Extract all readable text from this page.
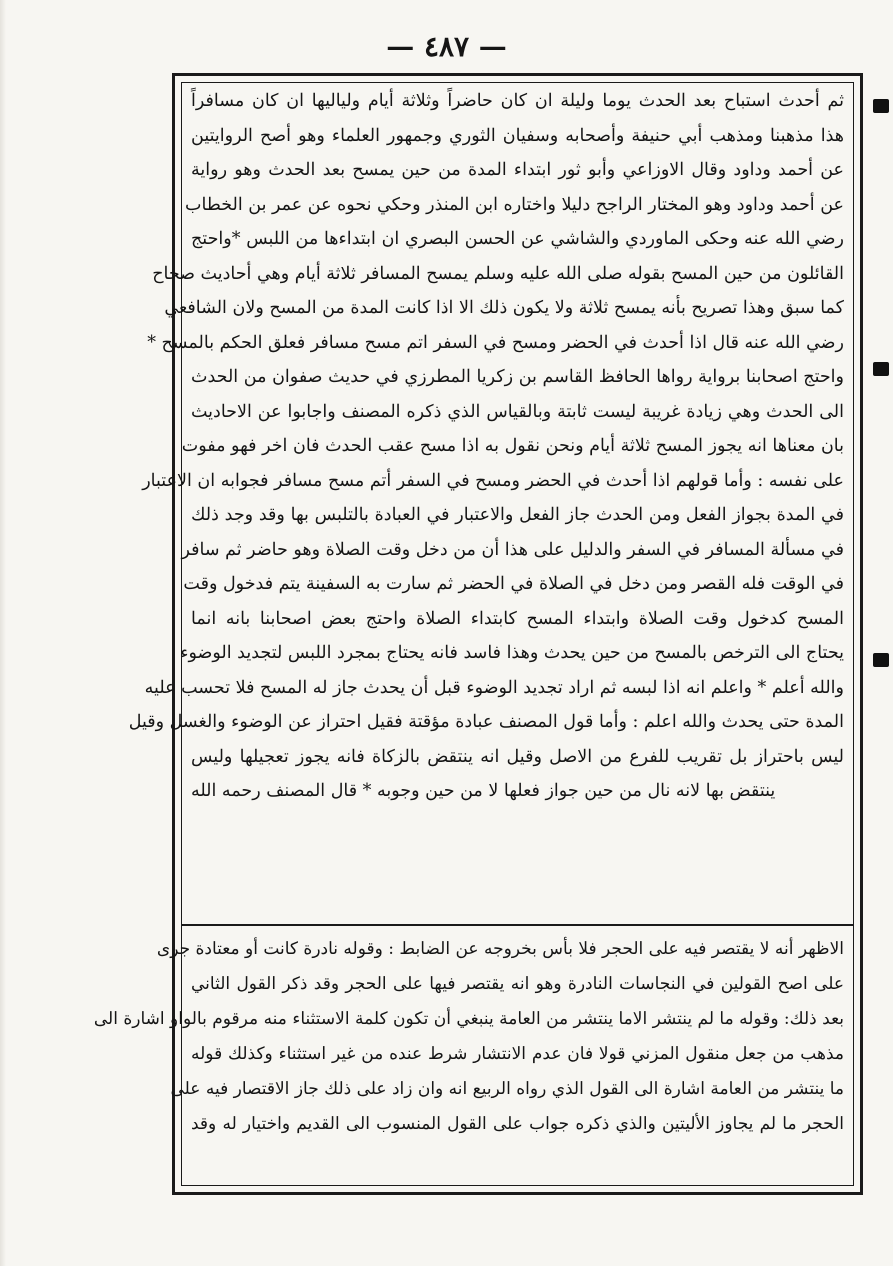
— ٤٨٧ —
ثم أحدث استباح بعد الحدث يوما وليلة ان كان حاضراً وثلاثة أيام ولياليها ان كان مسافراً
هذا مذهبنا ومذهب أبي حنيفة وأصحابه وسفيان الثوري وجمهور العلماء وهو أصح الروايتين
عن أحمد وداود وقال الاوزاعي وأبو ثور ابتداء المدة من حين يمسح بعد الحدث وهو رواية
عن أحمد وداود وهو المختار الراجح دليلا واختاره ابن المنذر وحكي نحوه عن عمر بن الخطاب
رضي الله عنه وحكى الماوردي والشاشي عن الحسن البصري ان ابتداءها من اللبس *واحتج
القائلون من حين المسح بقوله صلى الله عليه وسلم يمسح المسافر ثلاثة أيام وهي أحاديث صحاح
كما سبق وهذا تصريح بأنه يمسح ثلاثة ولا يكون ذلك الا اذا كانت المدة من المسح ولان الشافعي
رضي الله عنه قال اذا أحدث في الحضر ومسح في السفر اتم مسح مسافر فعلق الحكم بالمسح *
واحتج اصحابنا برواية رواها الحافظ القاسم بن زكريا المطرزي في حديث صفوان من الحدث
الى الحدث وهي زيادة غريبة ليست ثابتة وبالقياس الذي ذكره المصنف واجابوا عن الاحاديث
بان معناها انه يجوز المسح ثلاثة أيام ونحن نقول به اذا مسح عقب الحدث فان اخر فهو مفوت
على نفسه : وأما قولهم اذا أحدث في الحضر ومسح في السفر أتم مسح مسافر فجوابه ان الاعتبار
في المدة بجواز الفعل ومن الحدث جاز الفعل والاعتبار في العبادة بالتلبس بها وقد وجد ذلك
في مسألة المسافر في السفر والدليل على هذا أن من دخل وقت الصلاة وهو حاضر ثم سافر
في الوقت فله القصر ومن دخل في الصلاة في الحضر ثم سارت به السفينة يتم فدخول وقت
المسح كدخول وقت الصلاة وابتداء المسح كابتداء الصلاة واحتج بعض اصحابنا بانه انما
يحتاج الى الترخص بالمسح من حين يحدث وهذا فاسد فانه يحتاج بمجرد اللبس لتجديد الوضوء
والله أعلم * واعلم انه اذا لبسه ثم اراد تجديد الوضوء قبل أن يحدث جاز له المسح فلا تحسب عليه
المدة حتى يحدث والله اعلم : وأما قول المصنف عبادة مؤقتة فقيل احتراز عن الوضوء والغسل وقيل
ليس باحتراز بل تقريب للفرع من الاصل وقيل انه ينتقض بالزكاة فانه يجوز تعجيلها وليس
ينتقض بها لانه نال من حين جواز فعلها لا من حين وجوبه * قال المصنف رحمه الله
الاظهر أنه لا يقتصر فيه على الحجر فلا بأس بخروجه عن الضابط : وقوله نادرة كانت أو معتادة جرى
على اصح القولين في النجاسات النادرة وهو انه يقتصر فيها على الحجر وقد ذكر القول الثاني
بعد ذلك: وقوله ما لم ينتشر الاما ينتشر من العامة ينبغي أن تكون كلمة الاستثناء منه مرقوم بالواو اشارة الى
مذهب من جعل منقول المزني قولا فان عدم الانتشار شرط عنده من غير استثناء وكذلك قوله
ما ينتشر من العامة اشارة الى القول الذي رواه الربيع انه وان زاد على ذلك جاز الاقتصار فيه على
الحجر ما لم يجاوز الأليتين والذي ذكره جواب على القول المنسوب الى القديم واختيار له وقد
